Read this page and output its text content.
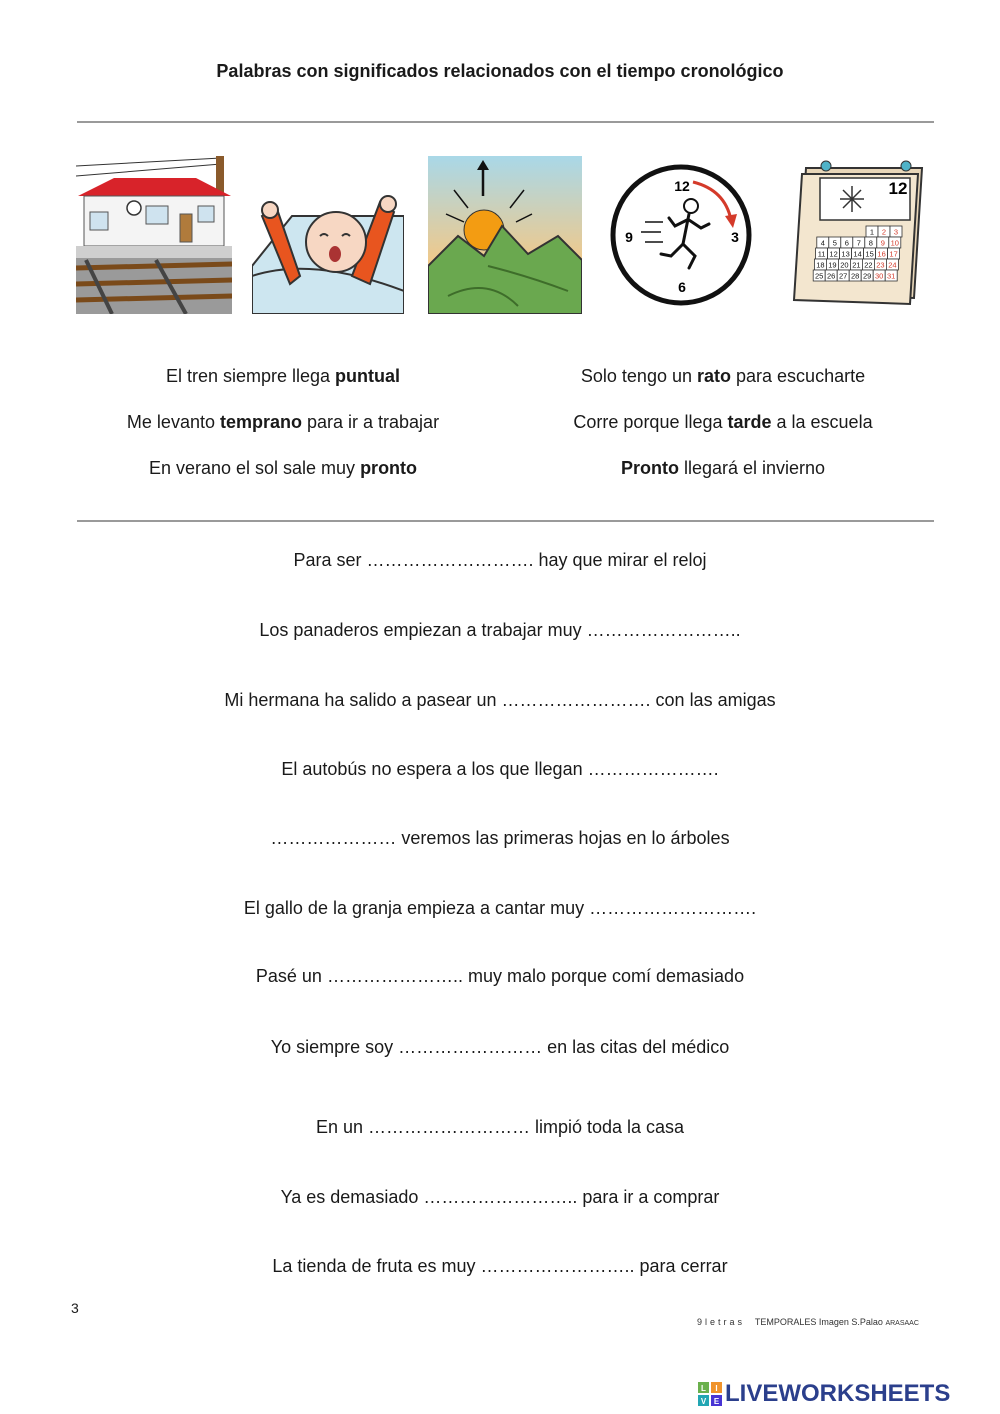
Palabras con significados relacionados con el tiempo cronológico
12
3
6
9
12
1 2 3
4 5 6 7 8 9 10
11 12 13 14 15 16 17
18 19 20 21 22 23 24
25 26 27 28 29 30 31
El tren siempre llega puntual	Solo tengo un rato para escucharte
Me levanto temprano para ir a trabajar	Corre porque llega tarde a la escuela
En verano el sol sale muy pronto	Pronto llegará el invierno
Para ser ………………………. hay que mirar el reloj
Los panaderos empiezan a trabajar muy ……………………..
Mi hermana ha salido a pasear un ……………………. con las amigas
El autobús no espera a los que llegan ………………….
………………… veremos las primeras hojas en lo árboles
El gallo de la granja empieza a cantar muy ……………………….
Pasé un ………………….. muy malo porque comí demasiado
Yo siempre soy …………………… en las citas del médico
En un ……………………… limpió toda la casa
Ya es demasiado …………………….. para ir a comprar
La tienda de fruta es muy …………………….. para cerrar
3
9letras TEMPORALES Imagen S.Palao ARASAAC
L I
V E LIVEWORKSHEETS
